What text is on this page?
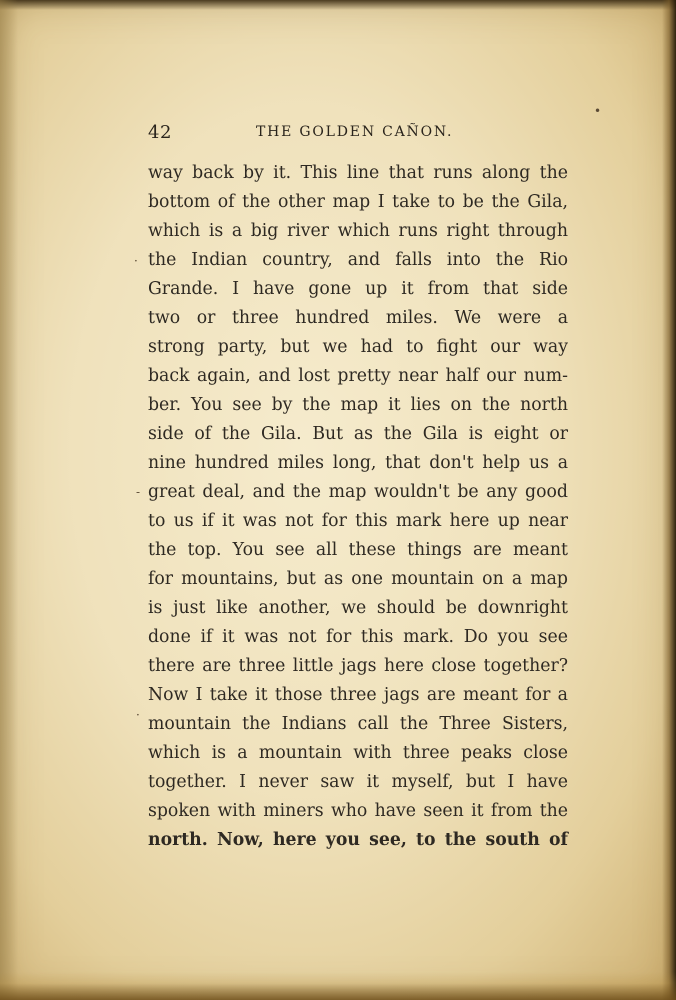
42	THE GOLDEN CAÑON.
•
·
-
·
way back by it. This line that runs along the
bottom of the other map I take to be the Gila,
which is a big river which runs right through
the Indian country, and falls into the Rio
Grande. I have gone up it from that side
two or three hundred miles. We were a
strong party, but we had to fight our way
back again, and lost pretty near half our num-
ber. You see by the map it lies on the north
side of the Gila. But as the Gila is eight or
nine hundred miles long, that don't help us a
great deal, and the map wouldn't be any good
to us if it was not for this mark here up near
the top. You see all these things are meant
for mountains, but as one mountain on a map
is just like another, we should be downright
done if it was not for this mark. Do you see
there are three little jags here close together?
Now I take it those three jags are meant for a
mountain the Indians call the Three Sisters,
which is a mountain with three peaks close
together. I never saw it myself, but I have
spoken with miners who have seen it from the
north. Now, here you see, to the south of
